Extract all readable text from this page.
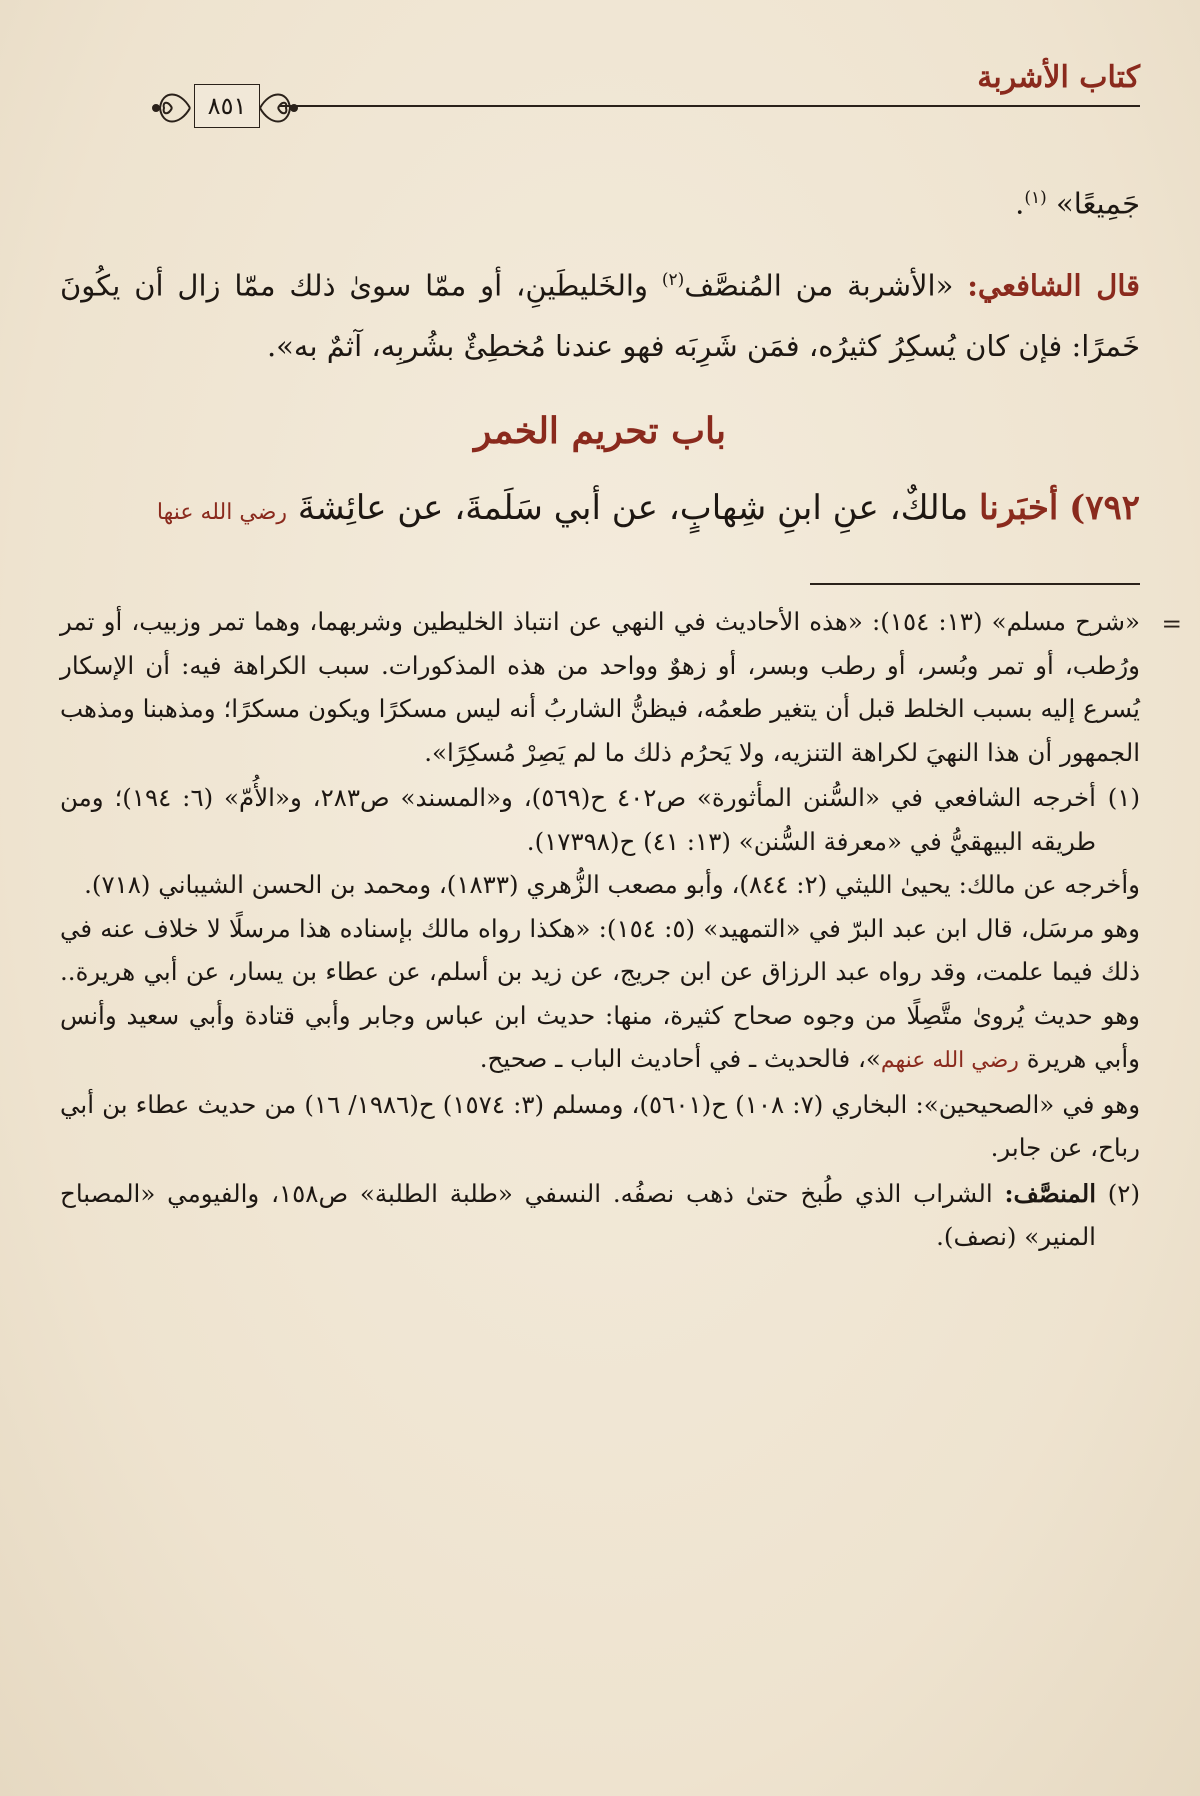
كتاب الأشربة
٨٥١
جَمِيعًا» $^{(١)}$.
قال الشافعي: «الأشربة من المُنصَّف$^{(٢)}$ والخَليطَينِ، أو ممّا سوىٰ ذلك ممّا زال أن يكُونَ خَمرًا: فإن كان يُسكِرُ كثيرُه، فمَن شَرِبَه فهو عندنا مُخطِئٌ بشُربِه، آثمٌ به».
باب تحريم الخمر
٧٩٢) أخبَرنا مالكٌ، عنِ ابنِ شِهابٍ، عن أبي سَلَمةَ، عن عائِشةَ رضي الله عنها
=

«شرح مسلم» (١٣: ١٥٤): «هذه الأحاديث في النهي عن انتباذ الخليطين وشربهما، وهما تمر وزبيب، أو تمر ورُطب، أو تمر وبُسر، أو رطب وبسر، أو زهوٌ وواحد من هذه المذكورات. سبب الكراهة فيه: أن الإسكار يُسرع إليه بسبب الخلط قبل أن يتغير طعمُه، فيظنُّ الشاربُ أنه ليس مسكرًا ويكون مسكرًا؛ ومذهبنا ومذهب الجمهور أن هذا النهيَ لكراهة التنزيه، ولا يَحرُم ذلك ما لم يَصِرْ مُسكِرًا».

(١)

أخرجه الشافعي في «السُّنن المأثورة» ص٤٠٢ ح(٥٦٩)، و«المسند» ص٢٨٣، و«الأُمّ» (٦: ١٩٤)؛ ومن طريقه البيهقيُّ في «معرفة السُّنن» (١٣: ٤١) ح(١٧٣٩٨).

وأخرجه عن مالك: يحيىٰ الليثي (٢: ٨٤٤)، وأبو مصعب الزُّهري (١٨٣٣)، ومحمد بن الحسن الشيباني (٧١٨).

وهو مرسَل، قال ابن عبد البرّ في «التمهيد» (٥: ١٥٤): «هكذا رواه مالك بإسناده هذا مرسلًا لا خلاف عنه في ذلك فيما علمت، وقد رواه عبد الرزاق عن ابن جريج، عن زيد بن أسلم، عن عطاء بن يسار، عن أبي هريرة.. وهو حديث يُروىٰ متَّصِلًا من وجوه صحاح كثيرة، منها: حديث ابن عباس وجابر وأبي قتادة وأبي سعيد وأنس وأبي هريرة رضي الله عنهم»، فالحديث ـ في أحاديث الباب ـ صحيح.

وهو في «الصحيحين»: البخاري (٧: ١٠٨) ح(٥٦٠١)، ومسلم (٣: ١٥٧٤) ح(١٩٨٦/ ١٦) من حديث عطاء بن أبي رباح، عن جابر.

(٢)

المنصَّف: الشراب الذي طُبخ حتىٰ ذهب نصفُه. النسفي «طلبة الطلبة» ص١٥٨، والفيومي «المصباح المنير» (نصف).
